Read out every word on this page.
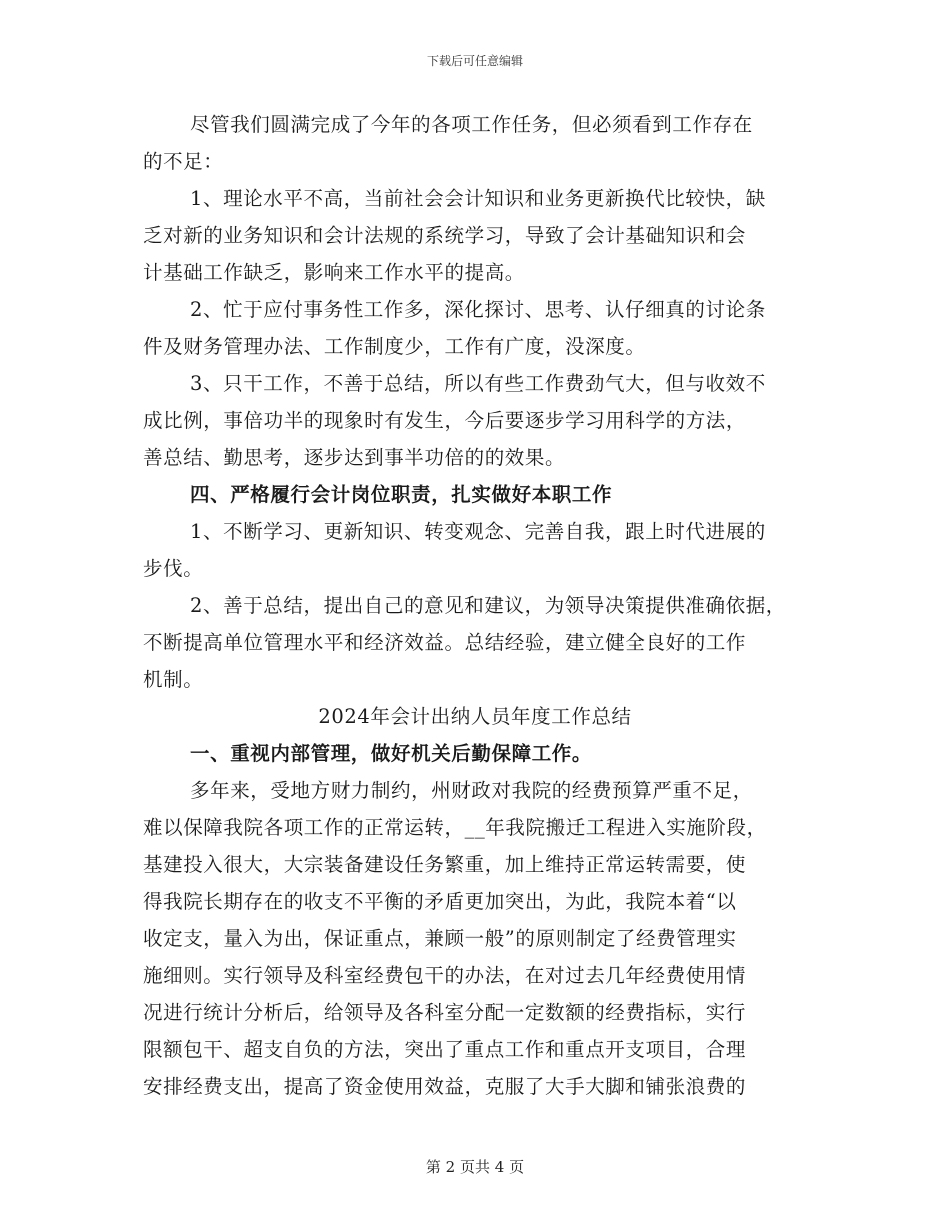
下载后可任意编辑
尽管我们圆满完成了今年的各项工作任务，但必须看到工作存在
的不足：
1、理论水平不高，当前社会会计知识和业务更新换代比较快，缺
乏对新的业务知识和会计法规的系统学习，导致了会计基础知识和会
计基础工作缺乏，影响来工作水平的提高。
2、忙于应付事务性工作多，深化探讨、思考、认仔细真的讨论条
件及财务管理办法、工作制度少，工作有广度，没深度。
3、只干工作，不善于总结，所以有些工作费劲气大，但与收效不
成比例，事倍功半的现象时有发生，今后要逐步学习用科学的方法，
善总结、勤思考，逐步达到事半功倍的的效果。
四、严格履行会计岗位职责，扎实做好本职工作
1、不断学习、更新知识、转变观念、完善自我，跟上时代进展的
步伐。
2、善于总结，提出自己的意见和建议，为领导决策提供准确依据，
不断提高单位管理水平和经济效益。总结经验，建立健全良好的工作
机制。
2024年会计出纳人员年度工作总结
一、重视内部管理，做好机关后勤保障工作。
多年来，受地方财力制约，州财政对我院的经费预算严重不足，
难以保障我院各项工作的正常运转，__年我院搬迁工程进入实施阶段，
基建投入很大，大宗装备建设任务繁重，加上维持正常运转需要，使
得我院长期存在的收支不平衡的矛盾更加突出，为此，我院本着“以
收定支，量入为出，保证重点，兼顾一般”的原则制定了经费管理实
施细则。实行领导及科室经费包干的办法，在对过去几年经费使用情
况进行统计分析后，给领导及各科室分配一定数额的经费指标，实行
限额包干、超支自负的方法，突出了重点工作和重点开支项目，合理
安排经费支出，提高了资金使用效益，克服了大手大脚和铺张浪费的
第 2 页共 4 页
